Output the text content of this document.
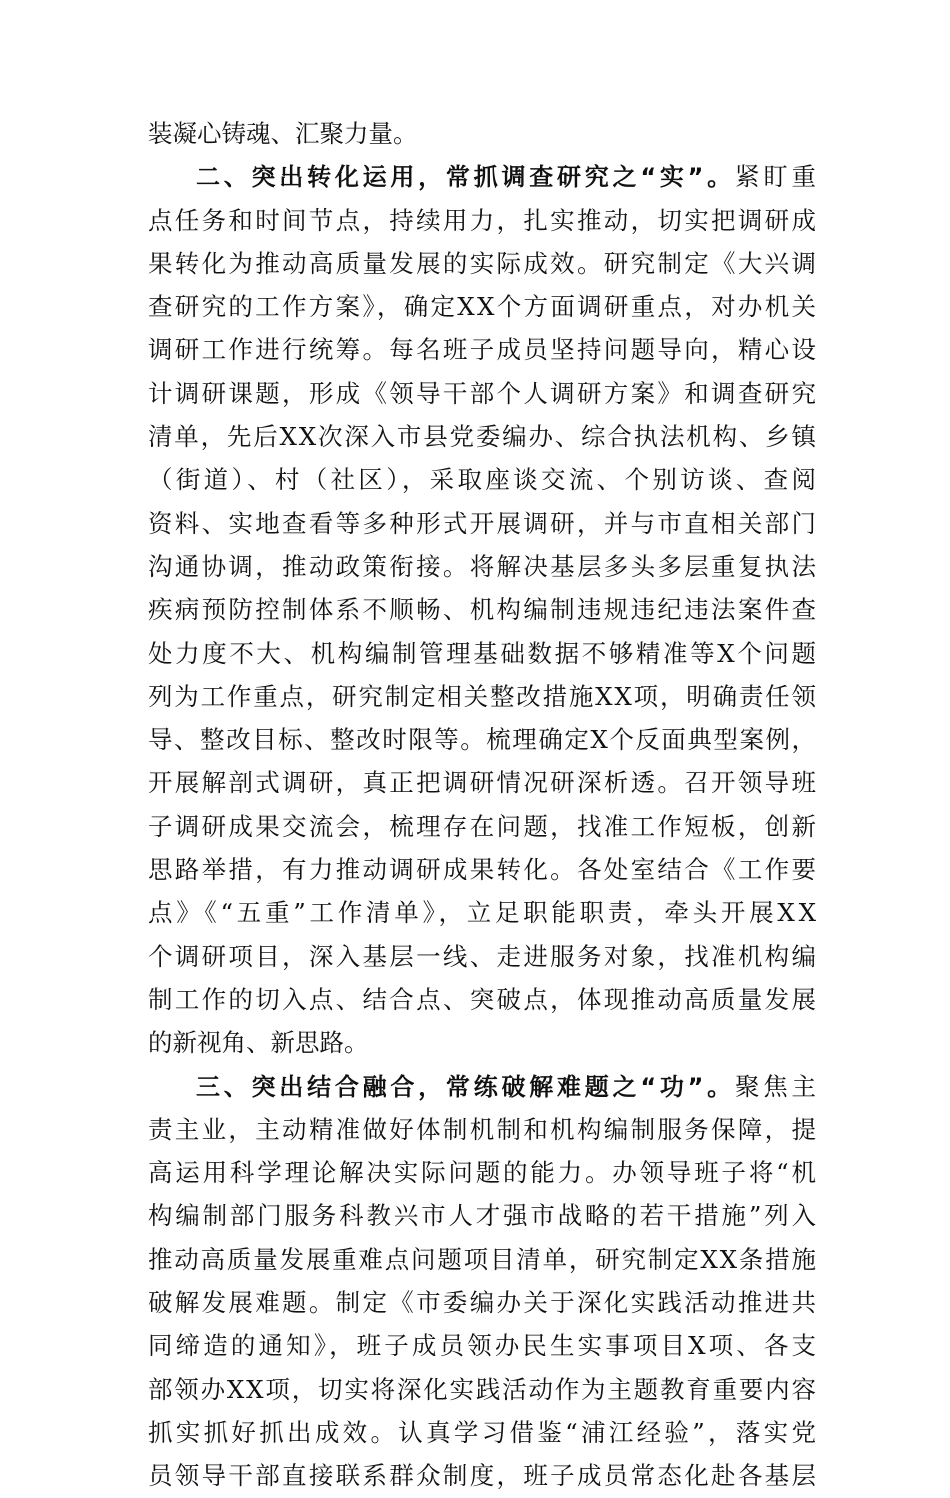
装凝心铸魂、汇聚力量。
二、突出转化运用，常抓调查研究之“实”。紧盯重
点任务和时间节点，持续用力，扎实推动，切实把调研成
果转化为推动高质量发展的实际成效。研究制定《大兴调
查研究的工作方案》，确定XX个方面调研重点，对办机关
调研工作进行统筹。每名班子成员坚持问题导向，精心设
计调研课题，形成《领导干部个人调研方案》和调查研究
清单，先后XX次深入市县党委编办、综合执法机构、乡镇
（街道）、村（社区），采取座谈交流、个别访谈、查阅
资料、实地查看等多种形式开展调研，并与市直相关部门
沟通协调，推动政策衔接。将解决基层多头多层重复执法
疾病预防控制体系不顺畅、机构编制违规违纪违法案件查
处力度不大、机构编制管理基础数据不够精准等X个问题
列为工作重点，研究制定相关整改措施XX项，明确责任领
导、整改目标、整改时限等。梳理确定X个反面典型案例，
开展解剖式调研，真正把调研情况研深析透。召开领导班
子调研成果交流会，梳理存在问题，找准工作短板，创新
思路举措，有力推动调研成果转化。各处室结合《工作要
点》《“五重”工作清单》，立足职能职责，牵头开展XX
个调研项目，深入基层一线、走进服务对象，找准机构编
制工作的切入点、结合点、突破点，体现推动高质量发展
的新视角、新思路。
三、突出结合融合，常练破解难题之“功”。聚焦主
责主业，主动精准做好体制机制和机构编制服务保障，提
高运用科学理论解决实际问题的能力。办领导班子将“机
构编制部门服务科教兴市人才强市战略的若干措施”列入
推动高质量发展重难点问题项目清单，研究制定XX条措施
破解发展难题。制定《市委编办关于深化实践活动推进共
同缔造的通知》，班子成员领办民生实事项目X项、各支
部领办XX项，切实将深化实践活动作为主题教育重要内容
抓实抓好抓出成效。认真学习借鉴“浦江经验”，落实党
员领导干部直接联系群众制度，班子成员常态化赴各基层
